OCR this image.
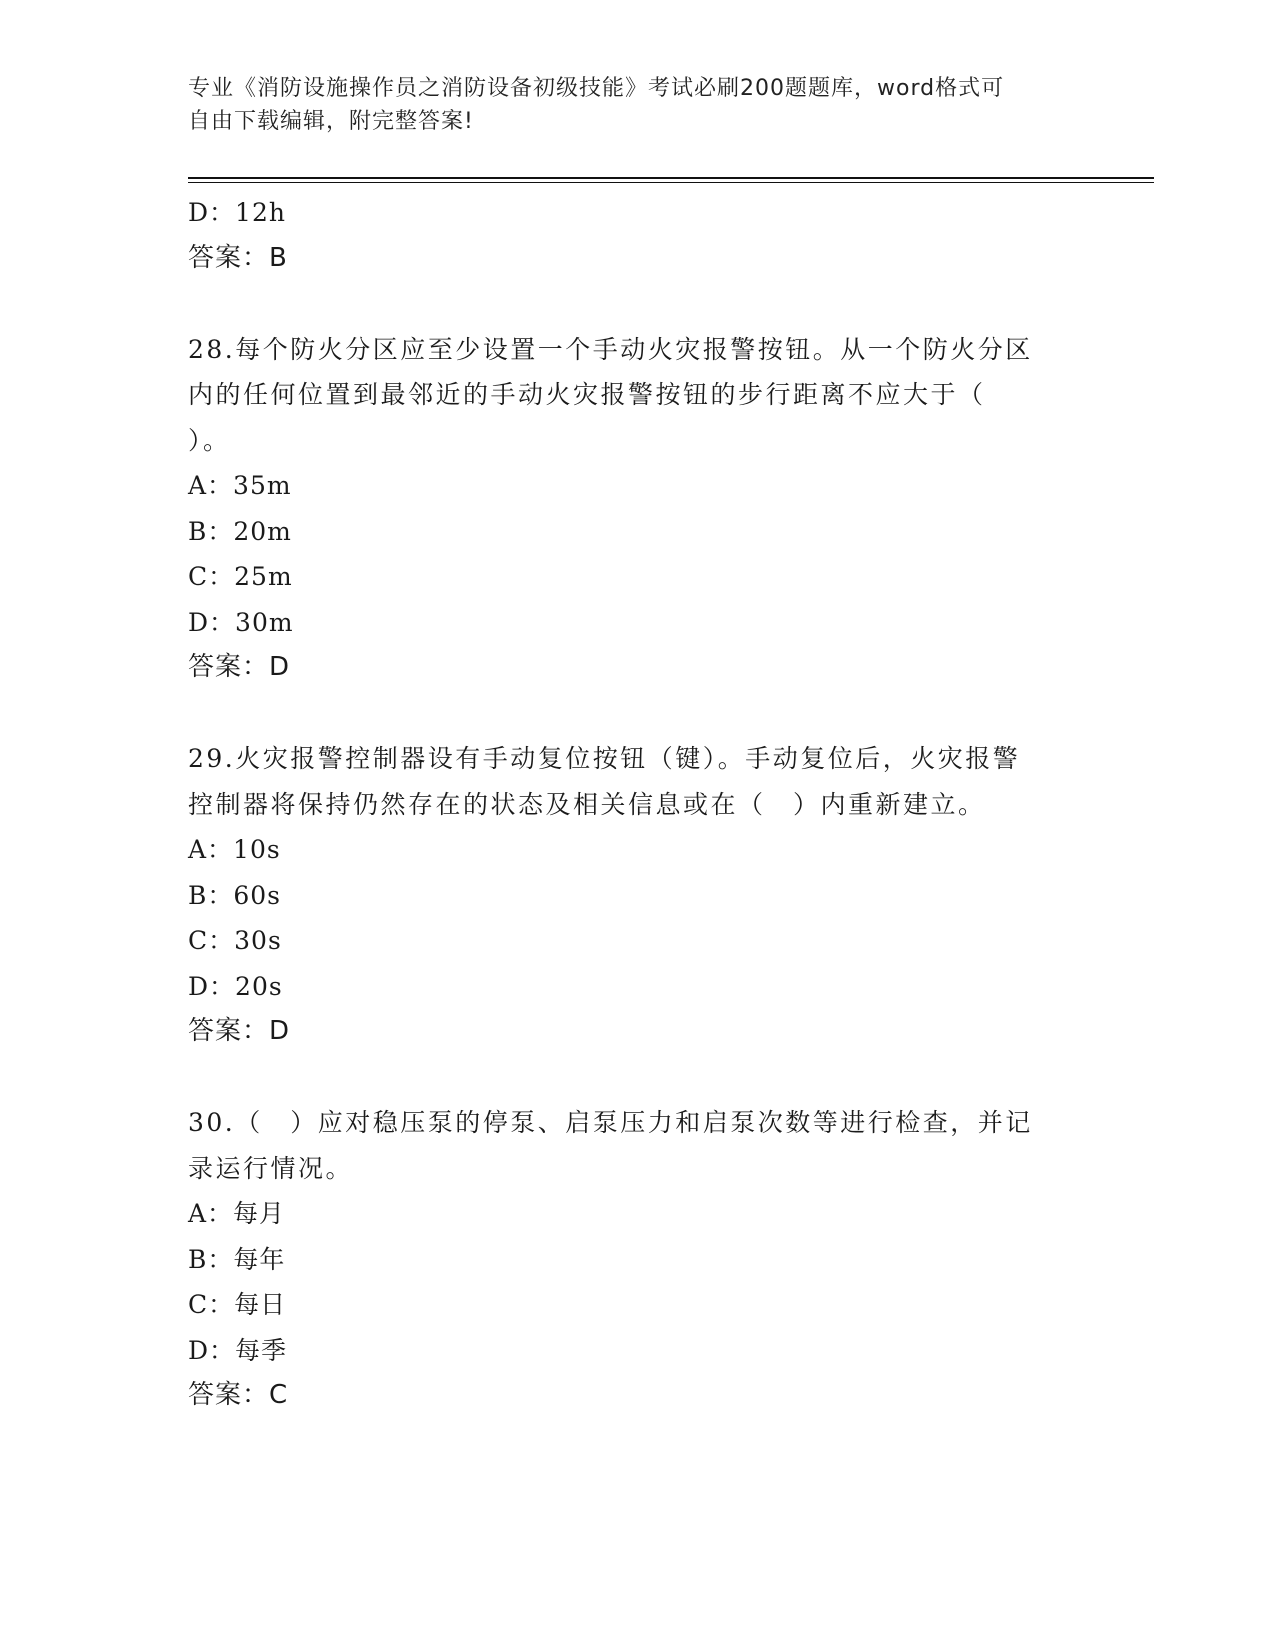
专业《消防设施操作员之消防设备初级技能》考试必刷200题题库，word格式可
自由下载编辑，附完整答案!
D：12h
答案：B
28.每个防火分区应至少设置一个手动火灾报警按钮。从一个防火分区
内的任何位置到最邻近的手动火灾报警按钮的步行距离不应大于（
）。
A：35m
B：20m
C：25m
D：30m
答案：D
29.火灾报警控制器设有手动复位按钮（键）。手动复位后，火灾报警
控制器将保持仍然存在的状态及相关信息或在（　）内重新建立。
A：10s
B：60s
C：30s
D：20s
答案：D
30.（　）应对稳压泵的停泵、启泵压力和启泵次数等进行检查，并记
录运行情况。
A：每月
B：每年
C：每日
D：每季
答案：C
